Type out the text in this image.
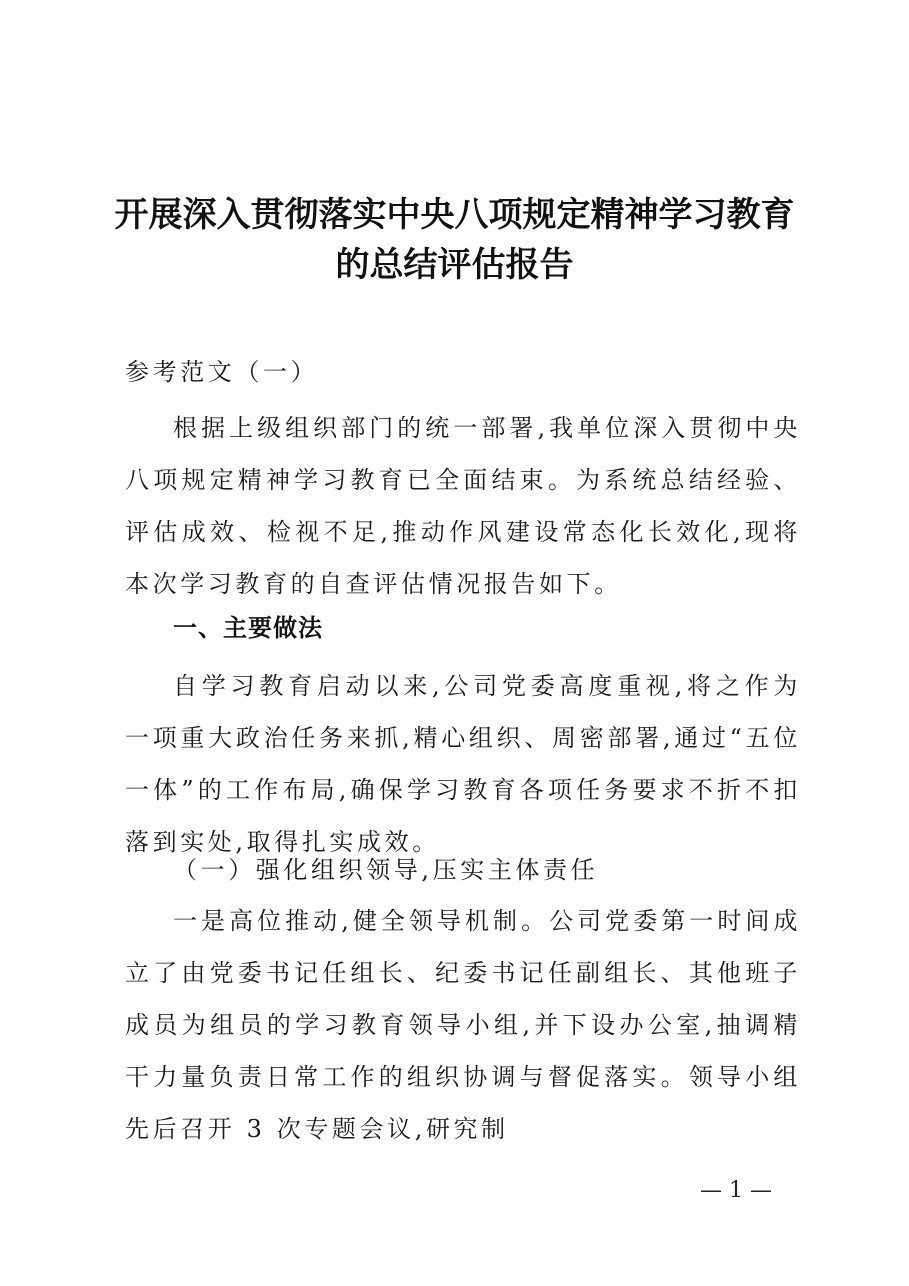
开展深入贯彻落实中央八项规定精神学习教育
的总结评估报告
参考范文（一）

根据上级组织部门的统一部署,我单位深入贯彻中央八项规定精神学习教育已全面结束。为系统总结经验、评估成效、检视不足,推动作风建设常态化长效化,现将本次学习教育的自查评估情况报告如下。

一、主要做法

自学习教育启动以来,公司党委高度重视,将之作为一项重大政治任务来抓,精心组织、周密部署,通过“五位一体”的工作布局,确保学习教育各项任务要求不折不扣落到实处,取得扎实成效。

（一）强化组织领导,压实主体责任

一是高位推动,健全领导机制。公司党委第一时间成立了由党委书记任组长、纪委书记任副组长、其他班子成员为组员的学习教育领导小组,并下设办公室,抽调精干力量负责日常工作的组织协调与督促落实。领导小组先后召开 3 次专题会议,研究制

— 1 —
